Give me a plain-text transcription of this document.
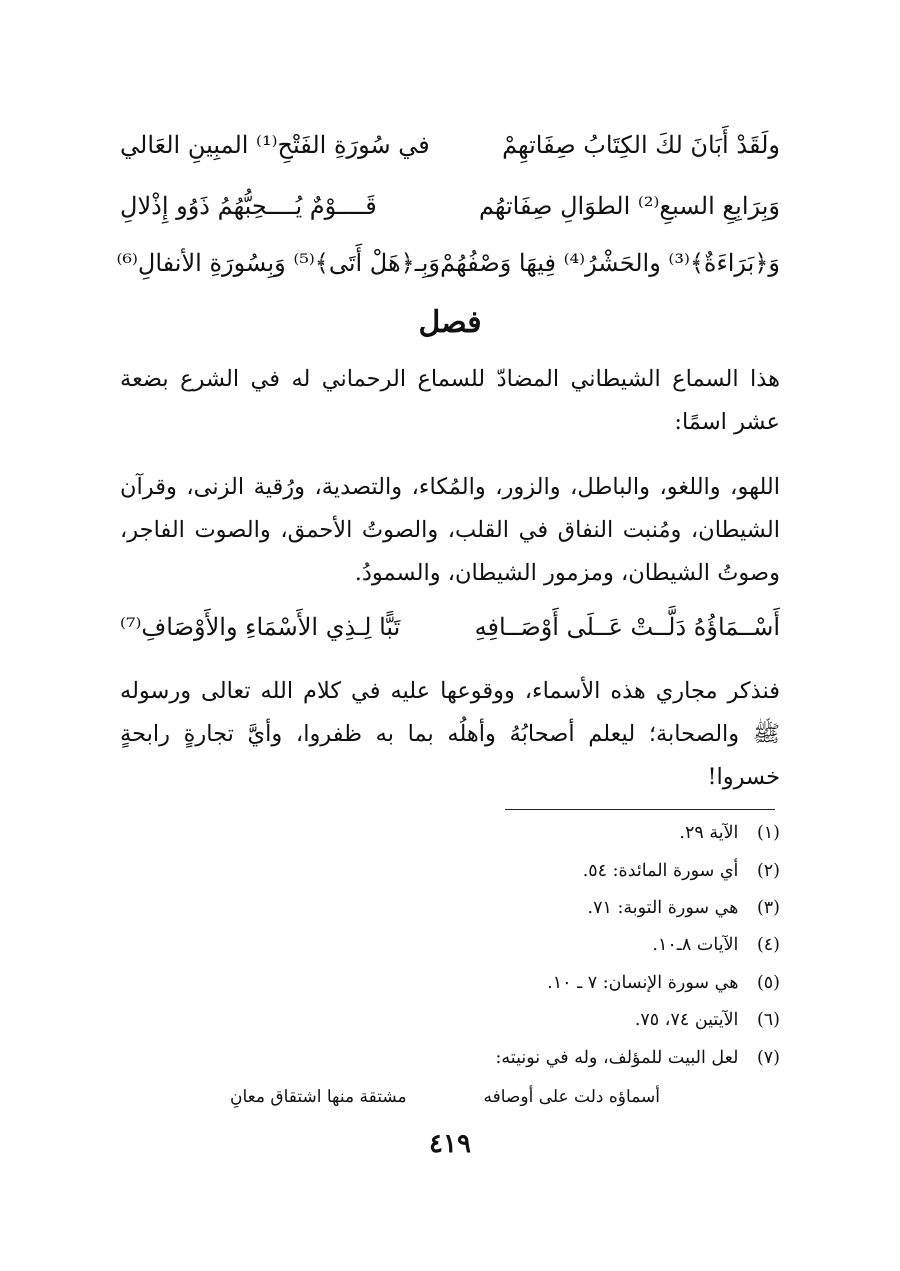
ولَقَدْ أَبَانَ لكَ الكِتَابُ صِفَاتهِمْ
في سُورَةِ الفَتْحِ⁽¹⁾ المبِينِ العَالي
وَبِرَابِعِ السبعِ⁽²⁾ الطوَالِ صِفَاتهُم
قَــــوْمٌ يُــــحِبُّهُمُ ذَوُو إِذْلالِ
وَ﴿بَرَاءَةٌ﴾⁽³⁾ والحَشْرُ⁽⁴⁾ فِيهَا وَصْفُهُمْ
وَبِـ﴿هَلْ أَتَى﴾⁽⁵⁾ وَبِسُورَةِ الأنفالِ⁽⁶⁾
فصل
هذا السماع الشيطاني المضادّ للسماع الرحماني له في الشرع بضعة عشر اسمًا:
اللهو، واللغو، والباطل، والزور، والمُكاء، والتصدية، ورُقية الزنى، وقرآن الشيطان، ومُنبت النفاق في القلب، والصوتُ الأحمق، والصوت الفاجر، وصوتُ الشيطان، ومزمور الشيطان، والسمودُ.
أَسْــمَاؤُهُ دَلَّــتْ عَــلَى أَوْصَــافِهِ
تَبًّا لِـذِي الأَسْمَاءِ والأَوْصَافِ⁽⁷⁾
فنذكر مجاري هذه الأسماء، ووقوعها عليه في كلام الله تعالى ورسوله ﷺ والصحابة؛ ليعلم أصحابُهُ وأهلُه بما به ظفروا، وأيَّ تجارةٍ رابحةٍ خسروا!
(١) الآية ٢٩.
(٢) أي سورة المائدة: ٥٤.
(٣) هي سورة التوبة: ٧١.
(٤) الآيات ٨ـ١٠.
(٥) هي سورة الإنسان: ٧ ـ ١٠.
(٦) الآيتين ٧٤، ٧٥.
(٧) لعل البيت للمؤلف، وله في نونيته:
أسماؤه دلت على أوصافه
مشتقة منها اشتقاق معانِ
٤١٩
